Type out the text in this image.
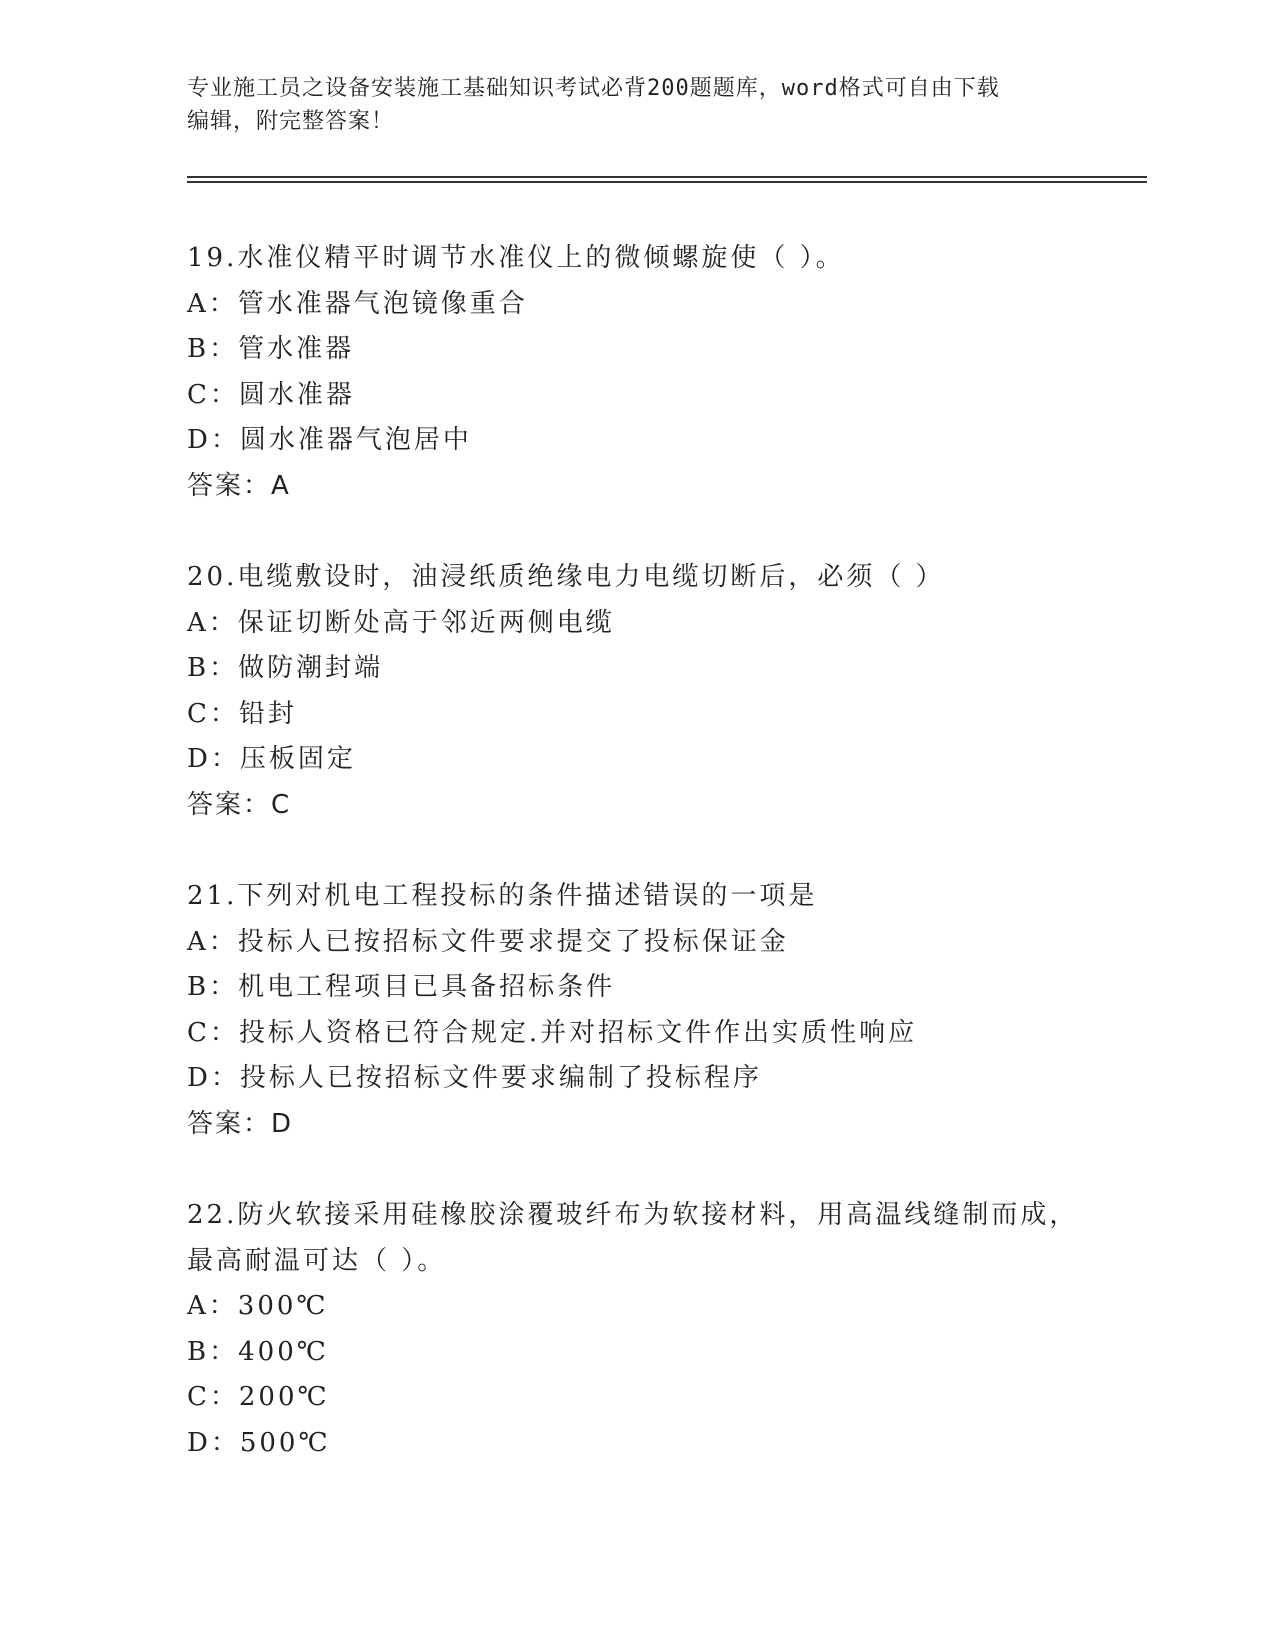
专业施工员之设备安装施工基础知识考试必背200题题库，word格式可自由下载
编辑，附完整答案！
19.水准仪精平时调节水准仪上的微倾螺旋使（ ）。
A：管水准器气泡镜像重合
B：管水准器
C：圆水准器
D：圆水准器气泡居中
答案：A
20.电缆敷设时，油浸纸质绝缘电力电缆切断后，必须（ ）
A：保证切断处高于邻近两侧电缆
B：做防潮封端
C：铅封
D：压板固定
答案：C
21.下列对机电工程投标的条件描述错误的一项是
A：投标人已按招标文件要求提交了投标保证金
B：机电工程项目已具备招标条件
C：投标人资格已符合规定.并对招标文件作出实质性响应
D：投标人已按招标文件要求编制了投标程序
答案：D
22.防火软接采用硅橡胶涂覆玻纤布为软接材料，用高温线缝制而成，
最高耐温可达（ ）。
A：300℃
B：400℃
C：200℃
D：500℃
